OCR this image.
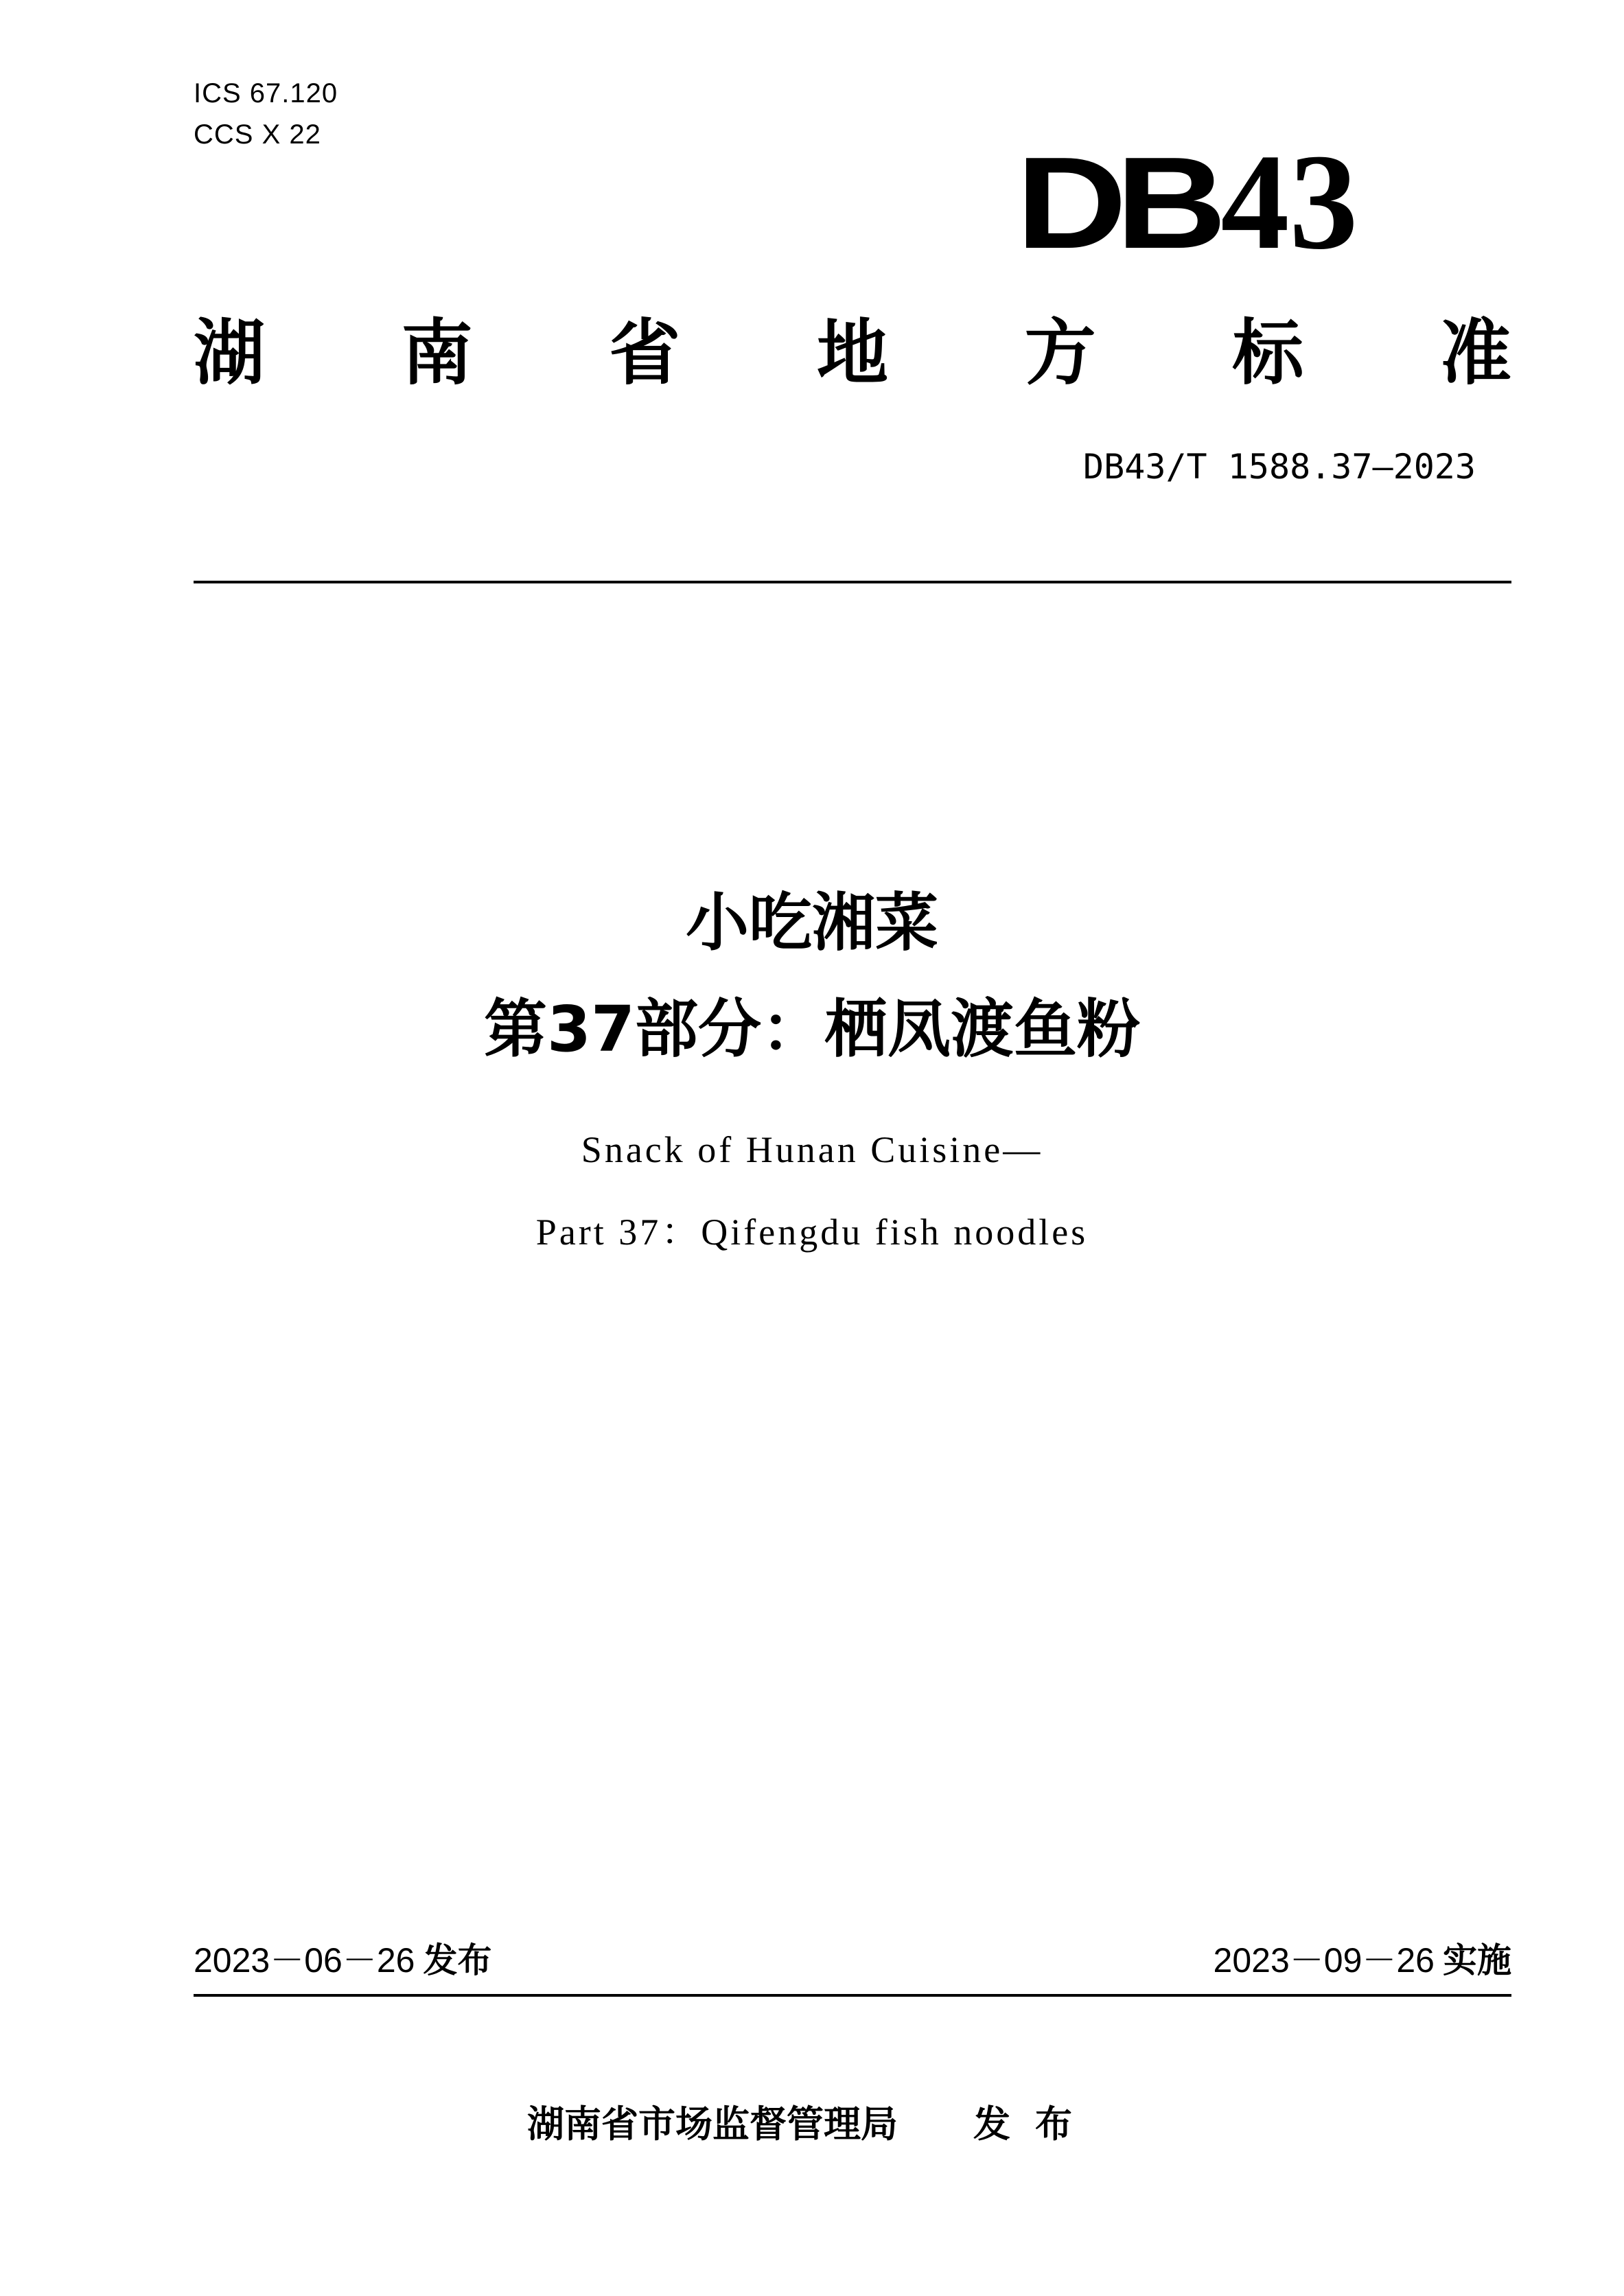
ICS 67.120
CCS X 22	DB43
湖 南 省 地 方 标 准
DB43/T 1588.37—2023
小吃湘菜
第37部分：栖凤渡鱼粉
Snack of Hunan Cuisine—
Part 37：Qifengdu fish noodles
2023－06－26 发布	2023－09－26 实施
湖南省市场监督管理局 发布
